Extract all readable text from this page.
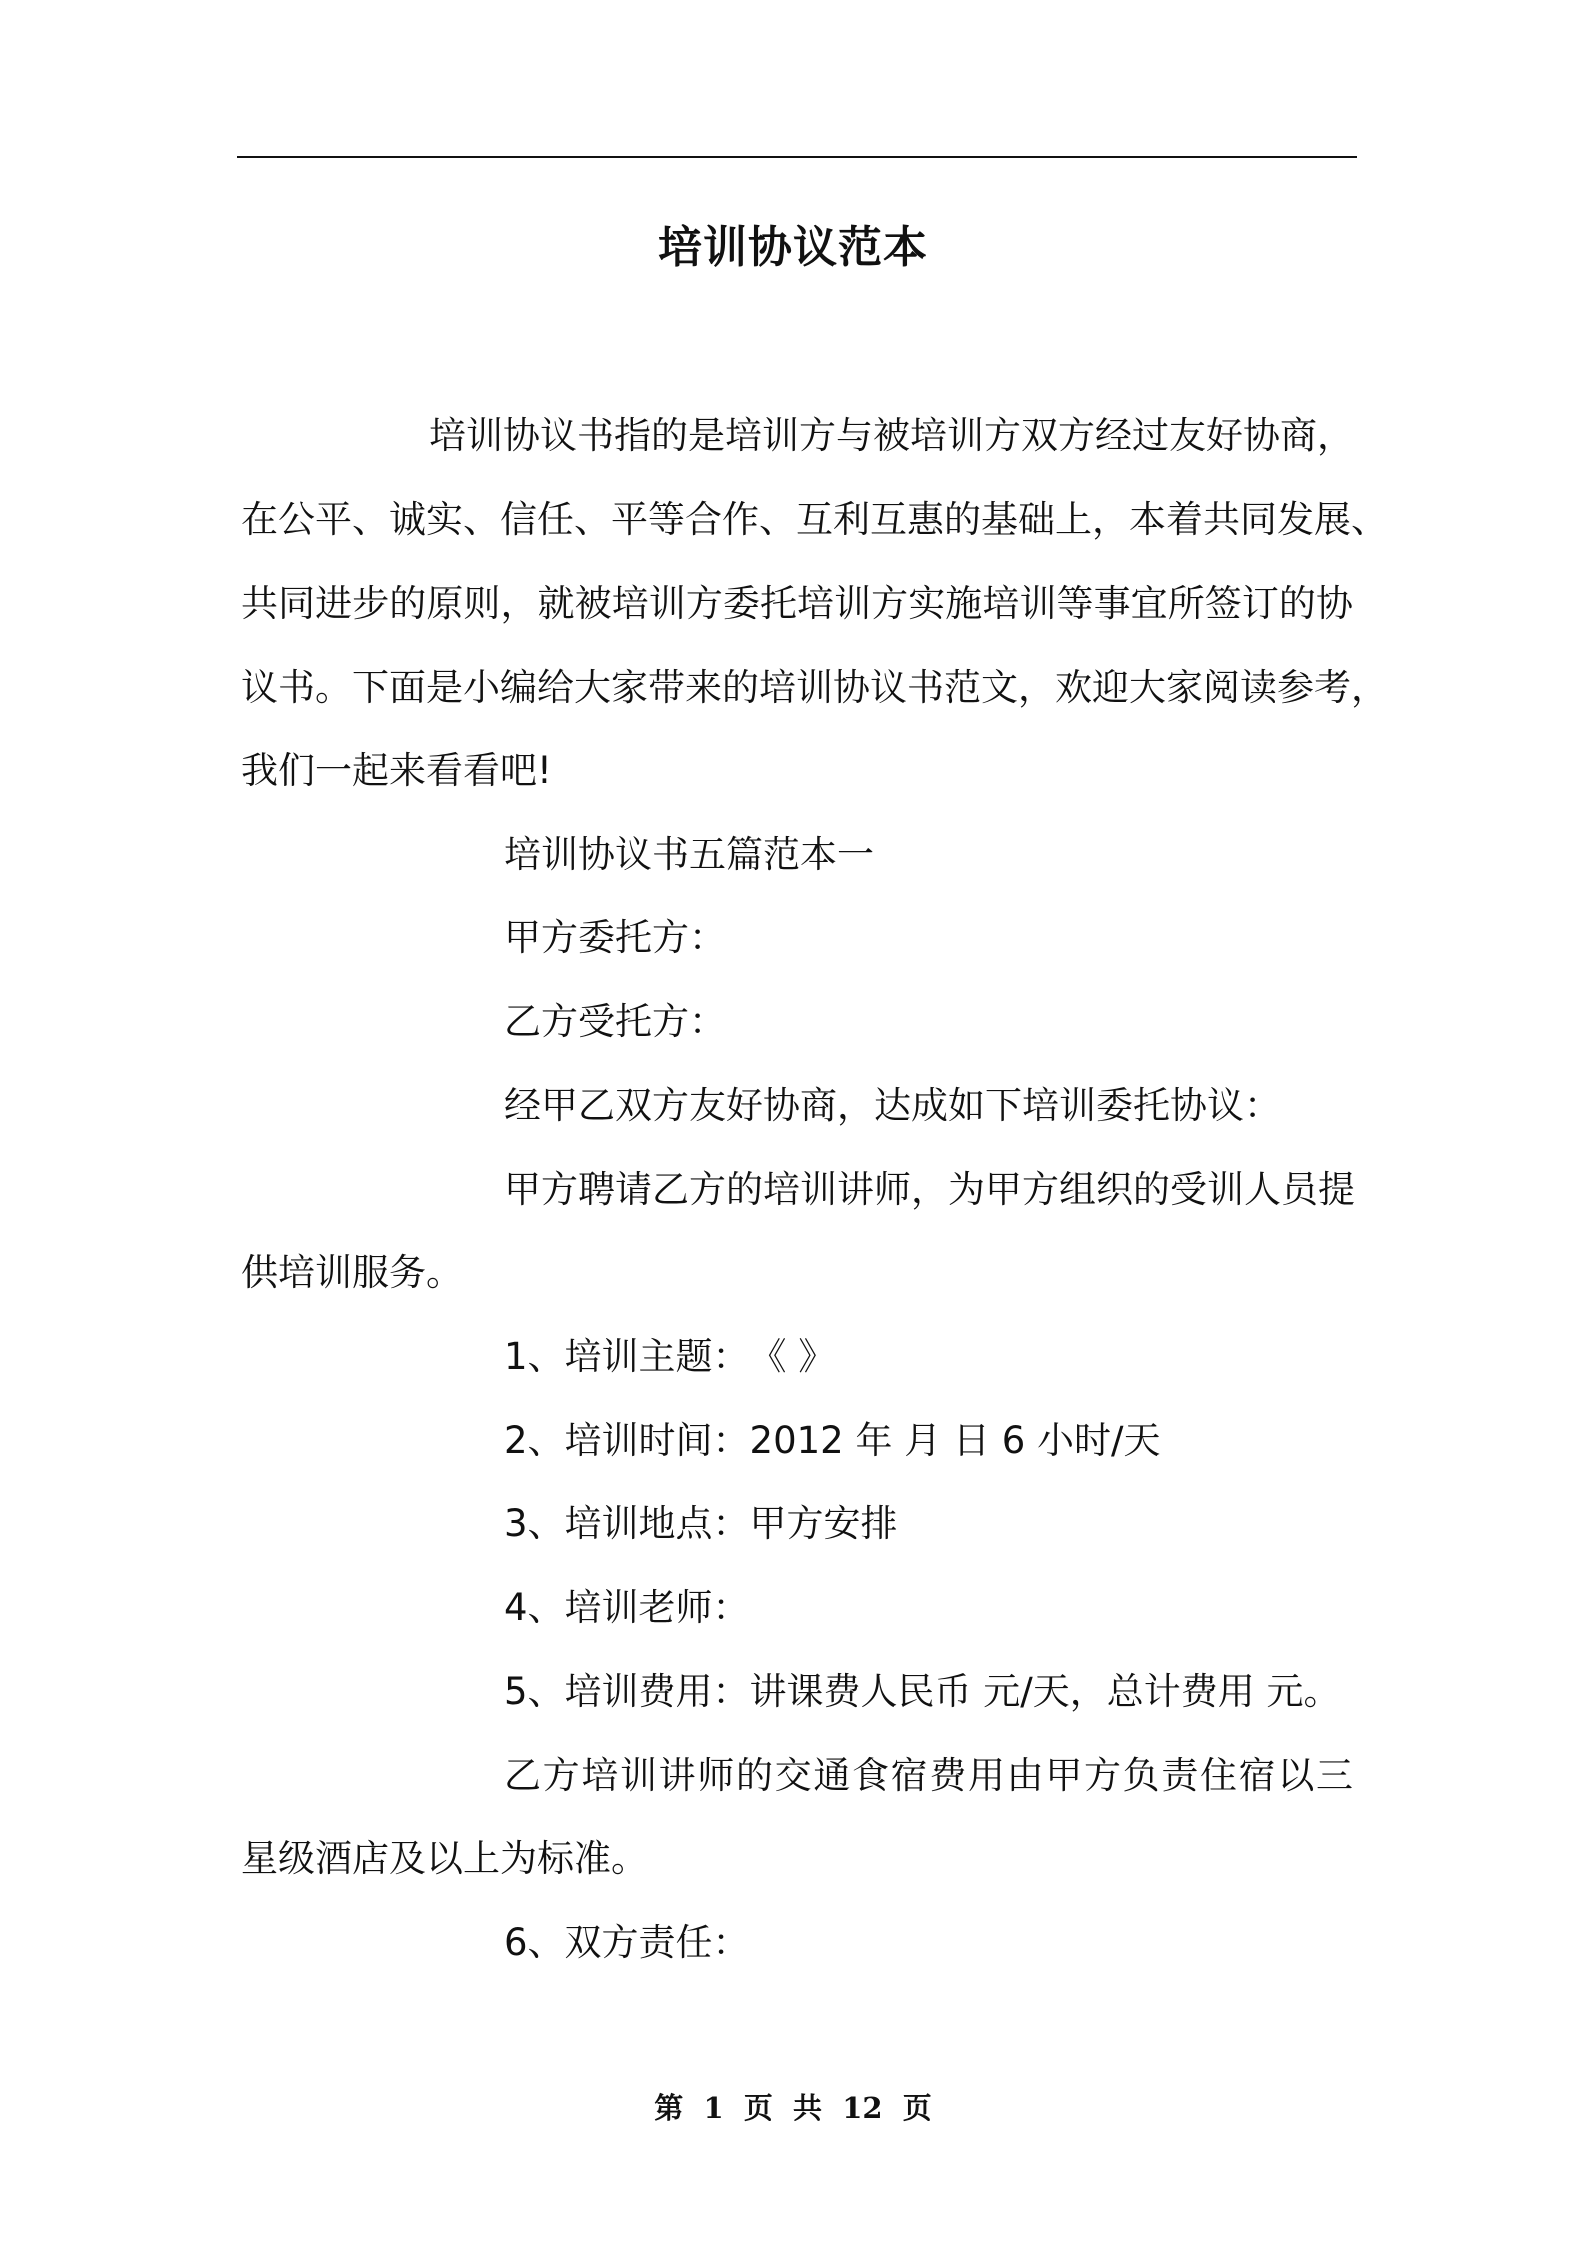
培训协议范本
培训协议书指的是培训方与被培训方双方经过友好协商，
在公平、诚实、信任、平等合作、互利互惠的基础上，本着共同发展、
共同进步的原则，就被培训方委托培训方实施培训等事宜所签订的协
议书。下面是小编给大家带来的培训协议书范文，欢迎大家阅读参考，
我们一起来看看吧!
培训协议书五篇范本一
甲方委托方：
乙方受托方：
经甲乙双方友好协商，达成如下培训委托协议：
甲方聘请乙方的培训讲师，为甲方组织的受训人员提
供培训服务。
1、培训主题：　《 》
2、培训时间：2012 年 月 日 6 小时/天
3、培训地点：甲方安排
4、培训老师：
5、培训费用：讲课费人民币 元/天，总计费用 元。
乙方培训讲师的交通食宿费用由甲方负责住宿以三
星级酒店及以上为标准。
6、双方责任：
第  1  页  共  12  页
